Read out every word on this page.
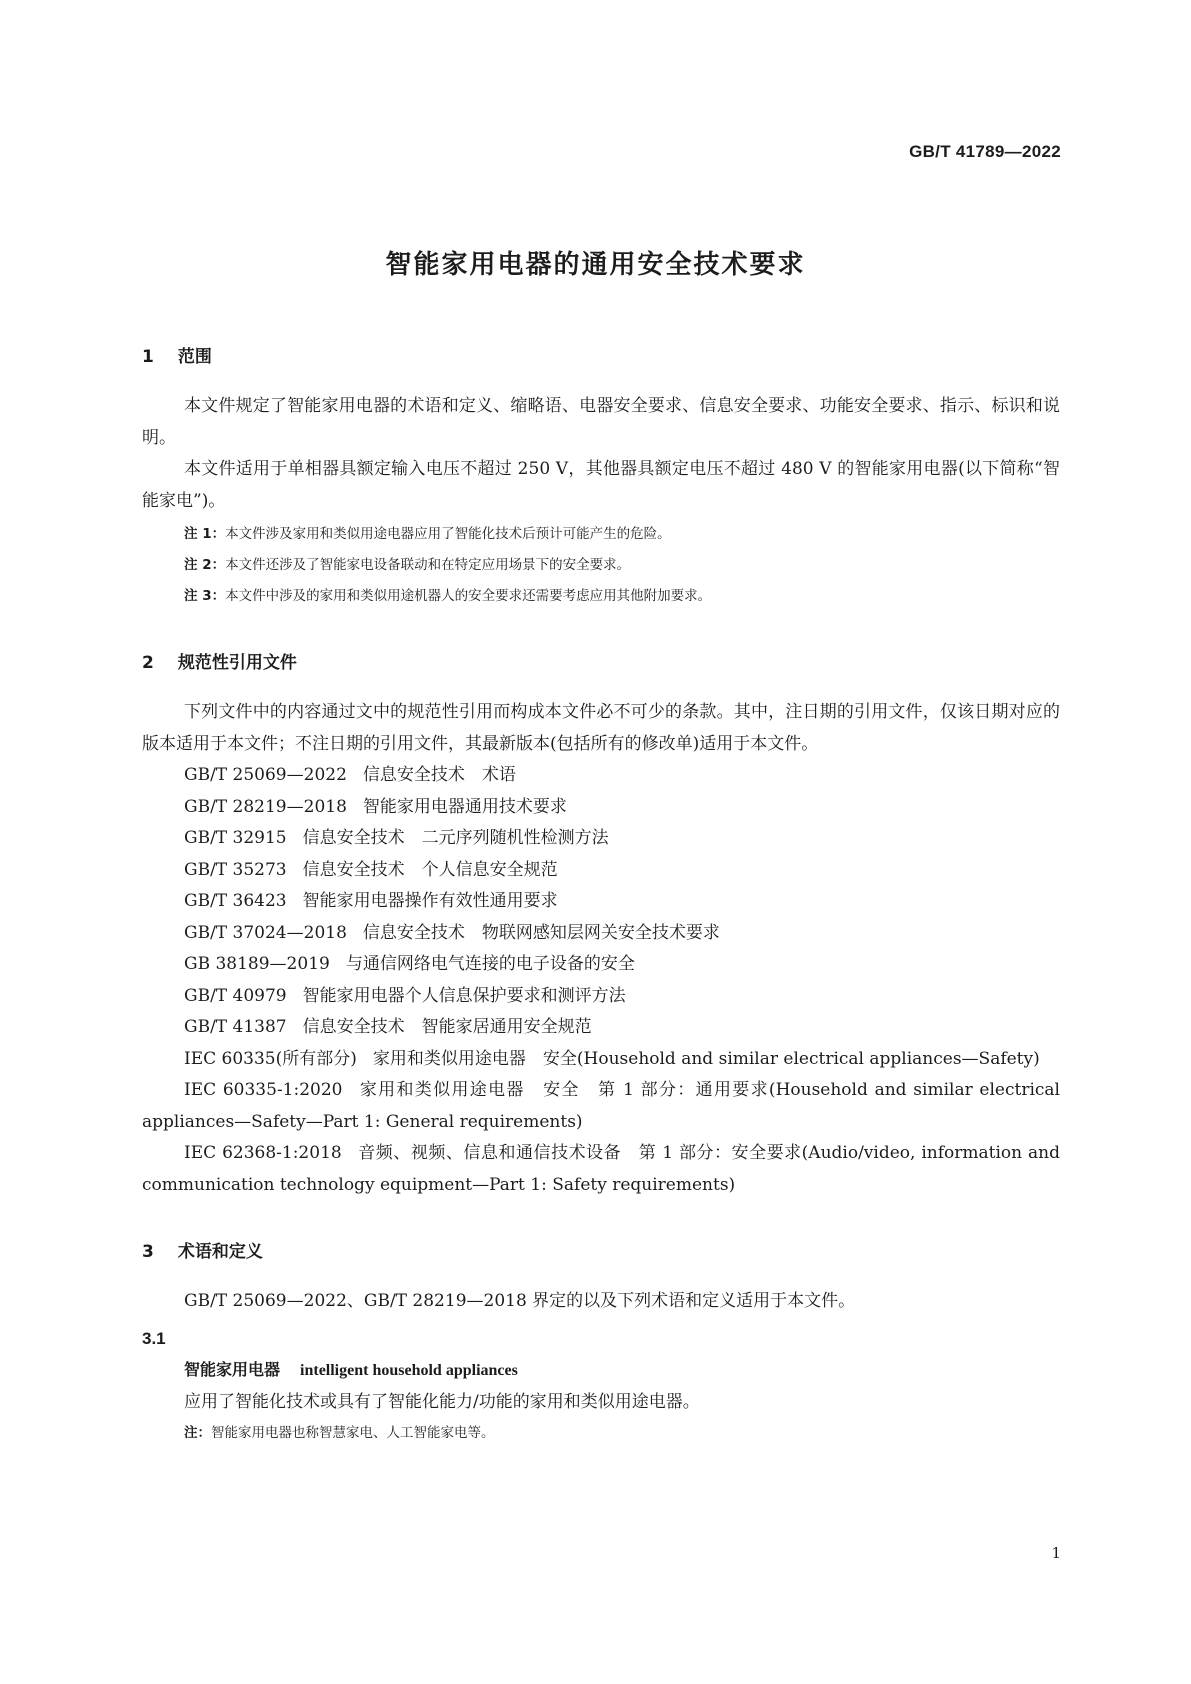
GB/T 41789—2022

智能家用电器的通用安全技术要求
1 范围

本文件规定了智能家用电器的术语和定义、缩略语、电器安全要求、信息安全要求、功能安全要求、指示、标识和说明。

本文件适用于单相器具额定输入电压不超过 250 V，其他器具额定电压不超过 480 V 的智能家用电器(以下简称“智能家电”)。

注 1：本文件涉及家用和类似用途电器应用了智能化技术后预计可能产生的危险。

注 2：本文件还涉及了智能家电设备联动和在特定应用场景下的安全要求。

注 3：本文件中涉及的家用和类似用途机器人的安全要求还需要考虑应用其他附加要求。

2 规范性引用文件

下列文件中的内容通过文中的规范性引用而构成本文件必不可少的条款。其中，注日期的引用文件，仅该日期对应的版本适用于本文件；不注日期的引用文件，其最新版本(包括所有的修改单)适用于本文件。

GB/T 25069—2022 信息安全技术　术语
GB/T 28219—2018 智能家用电器通用技术要求
GB/T 32915 信息安全技术　二元序列随机性检测方法
GB/T 35273 信息安全技术　个人信息安全规范
GB/T 36423 智能家用电器操作有效性通用要求
GB/T 37024—2018 信息安全技术　物联网感知层网关安全技术要求
GB 38189—2019 与通信网络电气连接的电子设备的安全
GB/T 40979 智能家用电器个人信息保护要求和测评方法
GB/T 41387 信息安全技术　智能家居通用安全规范
IEC 60335(所有部分) 家用和类似用途电器　安全(Household and similar electrical appliances—Safety)
IEC 60335-1:2020 家用和类似用途电器　安全　第 1 部分：通用要求(Household and similar electrical appliances—Safety—Part 1: General requirements)
IEC 62368-1:2018 音频、视频、信息和通信技术设备　第 1 部分：安全要求(Audio/video, information and communication technology equipment—Part 1: Safety requirements)
3 术语和定义

GB/T 25069—2022、GB/T 28219—2018 界定的以及下列术语和定义适用于本文件。

3.1

智能家用电器 intelligent household appliances

应用了智能化技术或具有了智能化能力/功能的家用和类似用途电器。

注：智能家用电器也称智慧家电、人工智能家电等。

1
